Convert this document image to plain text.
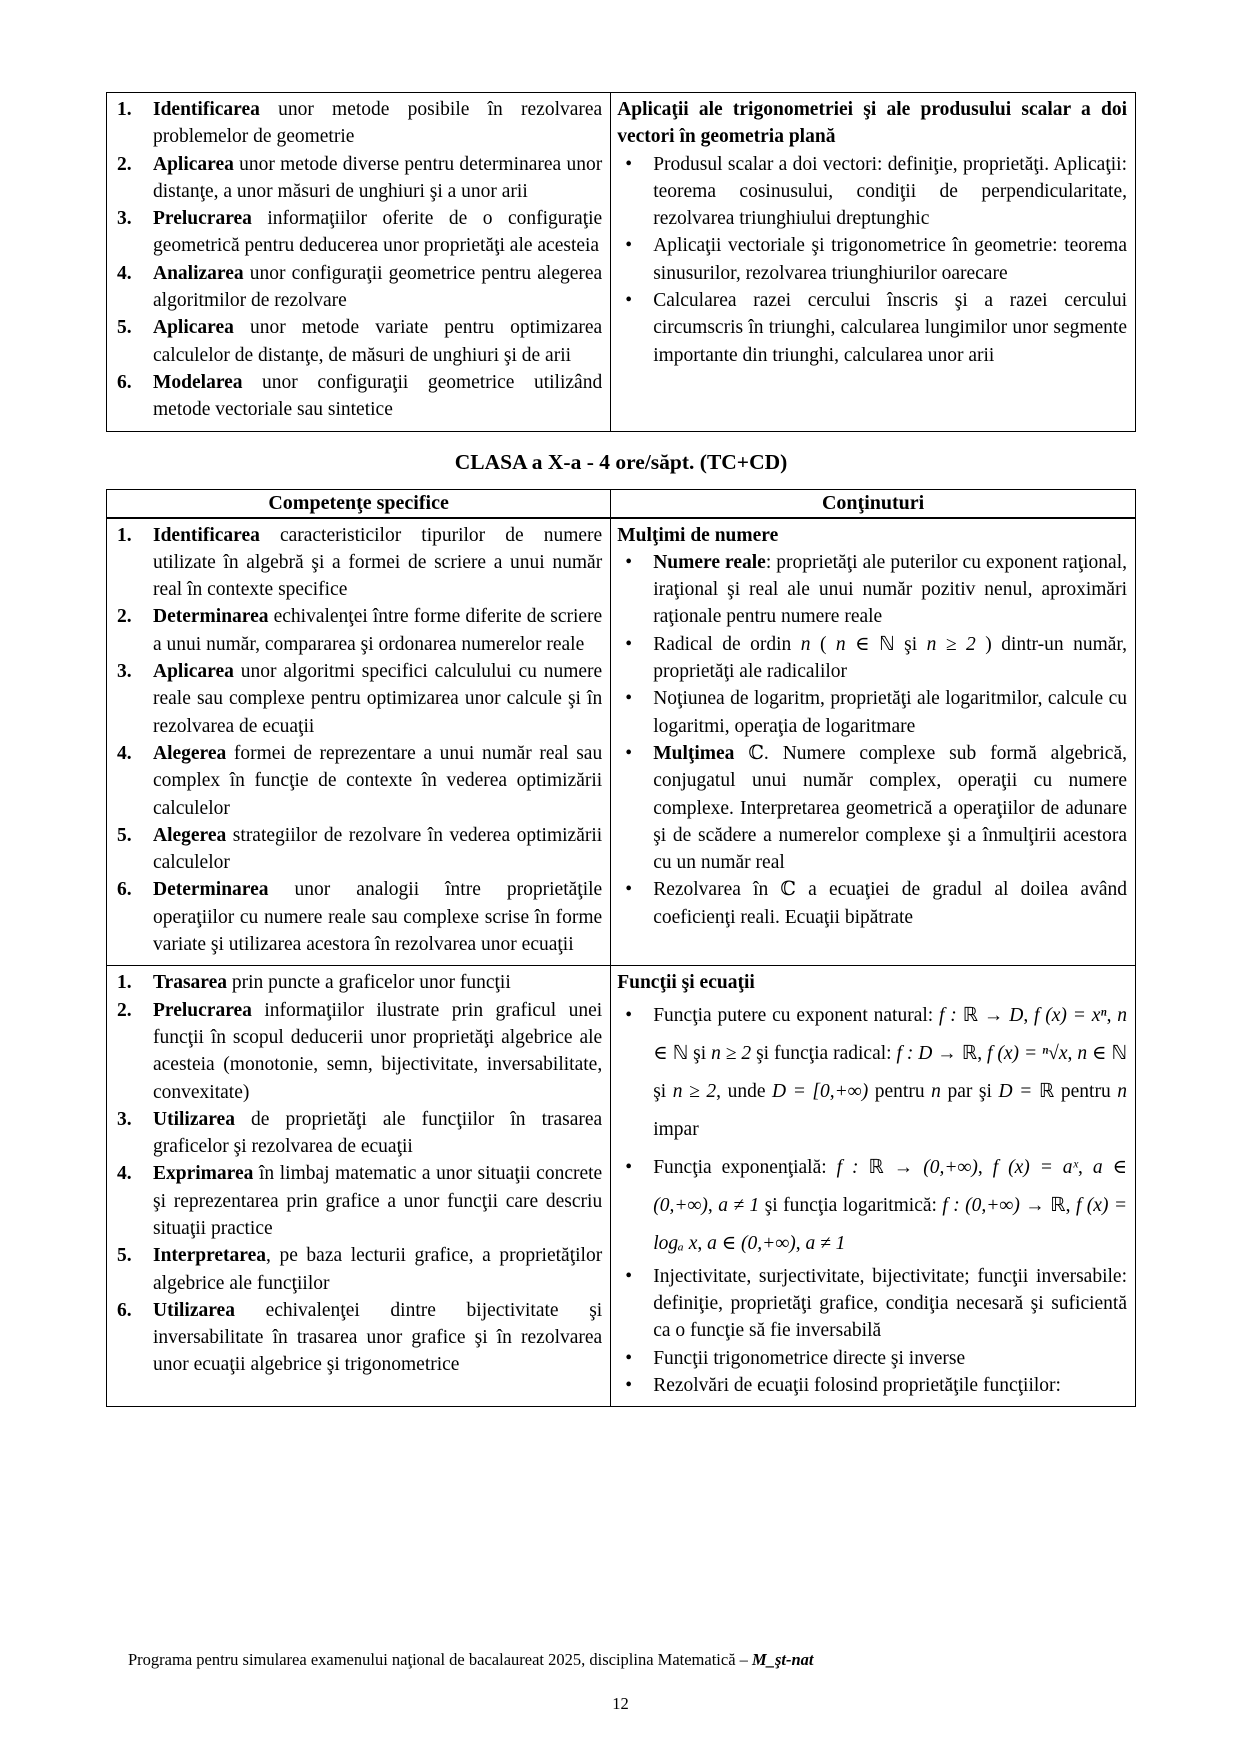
1.	Identificarea unor metode posibile în rezolvarea problemelor de geometrie
2.	Aplicarea unor metode diverse pentru determinarea unor distanţe, a unor măsuri de unghiuri şi a unor arii
3.	Prelucrarea informaţiilor oferite de o configuraţie geometrică pentru deducerea unor proprietăţi ale acesteia
4.	Analizarea unor configuraţii geometrice pentru alegerea algoritmilor de rezolvare
5.	Aplicarea unor metode variate pentru optimizarea calculelor de distanţe, de măsuri de unghiuri şi de arii
6.	Modelarea unor configuraţii geometrice utilizând metode vectoriale sau sintetice

Aplicaţii ale trigonometriei şi ale produsului scalar a doi vectori în geometria plană
•	Produsul scalar a doi vectori: definiţie, proprietăţi. Aplicaţii: teorema cosinusului, condiţii de perpendicularitate, rezolvarea triunghiului dreptunghic
•	Aplicaţii vectoriale şi trigonometrice în geometrie: teorema sinusurilor, rezolvarea triunghiurilor oarecare
•	Calcularea razei cercului înscris şi a razei cercului circumscris în triunghi, calcularea lungimilor unor segmente importante din triunghi, calcularea unor arii
CLASA a X-a - 4 ore/săpt. (TC+CD)
Competenţe specifice	Conţinuturi

1.	Identificarea caracteristicilor tipurilor de numere utilizate în algebră şi a formei de scriere a unui număr real în contexte specifice
2.	Determinarea echivalenţei între forme diferite de scriere a unui număr, compararea şi ordonarea numerelor reale
3.	Aplicarea unor algoritmi specifici calculului cu numere reale sau complexe pentru optimizarea unor calcule şi în rezolvarea de ecuaţii
4.	Alegerea formei de reprezentare a unui număr real sau complex în funcţie de contexte în vederea optimizării calculelor
5.	Alegerea strategiilor de rezolvare în vederea optimizării calculelor
6.	Determinarea unor analogii între proprietăţile operaţiilor cu numere reale sau complexe scrise în forme variate şi utilizarea acestora în rezolvarea unor ecuaţii

Mulţimi de numere
•	Numere reale: proprietăţi ale puterilor cu exponent raţional, iraţional şi real ale unui număr pozitiv nenul, aproximări raţionale pentru numere reale
•	Radical de ordin n ( n ∈ ℕ şi n ≥ 2 ) dintr-un număr, proprietăţi ale radicalilor
•	Noţiunea de logaritm, proprietăţi ale logaritmilor, calcule cu logaritmi, operaţia de logaritmare
•	Mulţimea ℂ. Numere complexe sub formă algebrică, conjugatul unui număr complex, operaţii cu numere complexe. Interpretarea geometrică a operaţiilor de adunare şi de scădere a numerelor complexe şi a înmulţirii acestora cu un număr real
•	Rezolvarea în ℂ a ecuaţiei de gradul al doilea având coeficienţi reali. Ecuaţii bipătrate

1.	Trasarea prin puncte a graficelor unor funcţii
2.	Prelucrarea informaţiilor ilustrate prin graficul unei funcţii în scopul deducerii unor proprietăţi algebrice ale acesteia (monotonie, semn, bijectivitate, inversabilitate, convexitate)
3.	Utilizarea de proprietăţi ale funcţiilor în trasarea graficelor şi rezolvarea de ecuaţii
4.	Exprimarea în limbaj matematic a unor situaţii concrete şi reprezentarea prin grafice a unor funcţii care descriu situaţii practice
5.	Interpretarea, pe baza lecturii grafice, a proprietăţilor algebrice ale funcţiilor
6.	Utilizarea echivalenţei dintre bijectivitate şi inversabilitate în trasarea unor grafice şi în rezolvarea unor ecuaţii algebrice şi trigonometrice

Funcţii şi ecuaţii
•	Funcţia putere cu exponent natural: f : ℝ → D, f (x) = xⁿ, n ∈ ℕ şi n ≥ 2 şi funcţia radical: f : D → ℝ, f (x) = ⁿ√x, n ∈ ℕ şi n ≥ 2, unde D = [0,+∞) pentru n par şi D = ℝ pentru n impar
•	Funcţia exponenţială: f : ℝ → (0,+∞), f (x) = aˣ, a ∈ (0,+∞), a ≠ 1 şi funcţia logaritmică: f : (0,+∞) → ℝ, f (x) = logₐ x, a ∈ (0,+∞), a ≠ 1
•	Injectivitate, surjectivitate, bijectivitate; funcţii inversabile: definiţie, proprietăţi grafice, condiţia necesară şi suficientă ca o funcţie să fie inversabilă
•	Funcţii trigonometrice directe şi inverse
•	Rezolvări de ecuaţii folosind proprietăţile funcţiilor:
Programa pentru simularea examenului naţional de bacalaureat 2025, disciplina Matematică – M_şt-nat
12
